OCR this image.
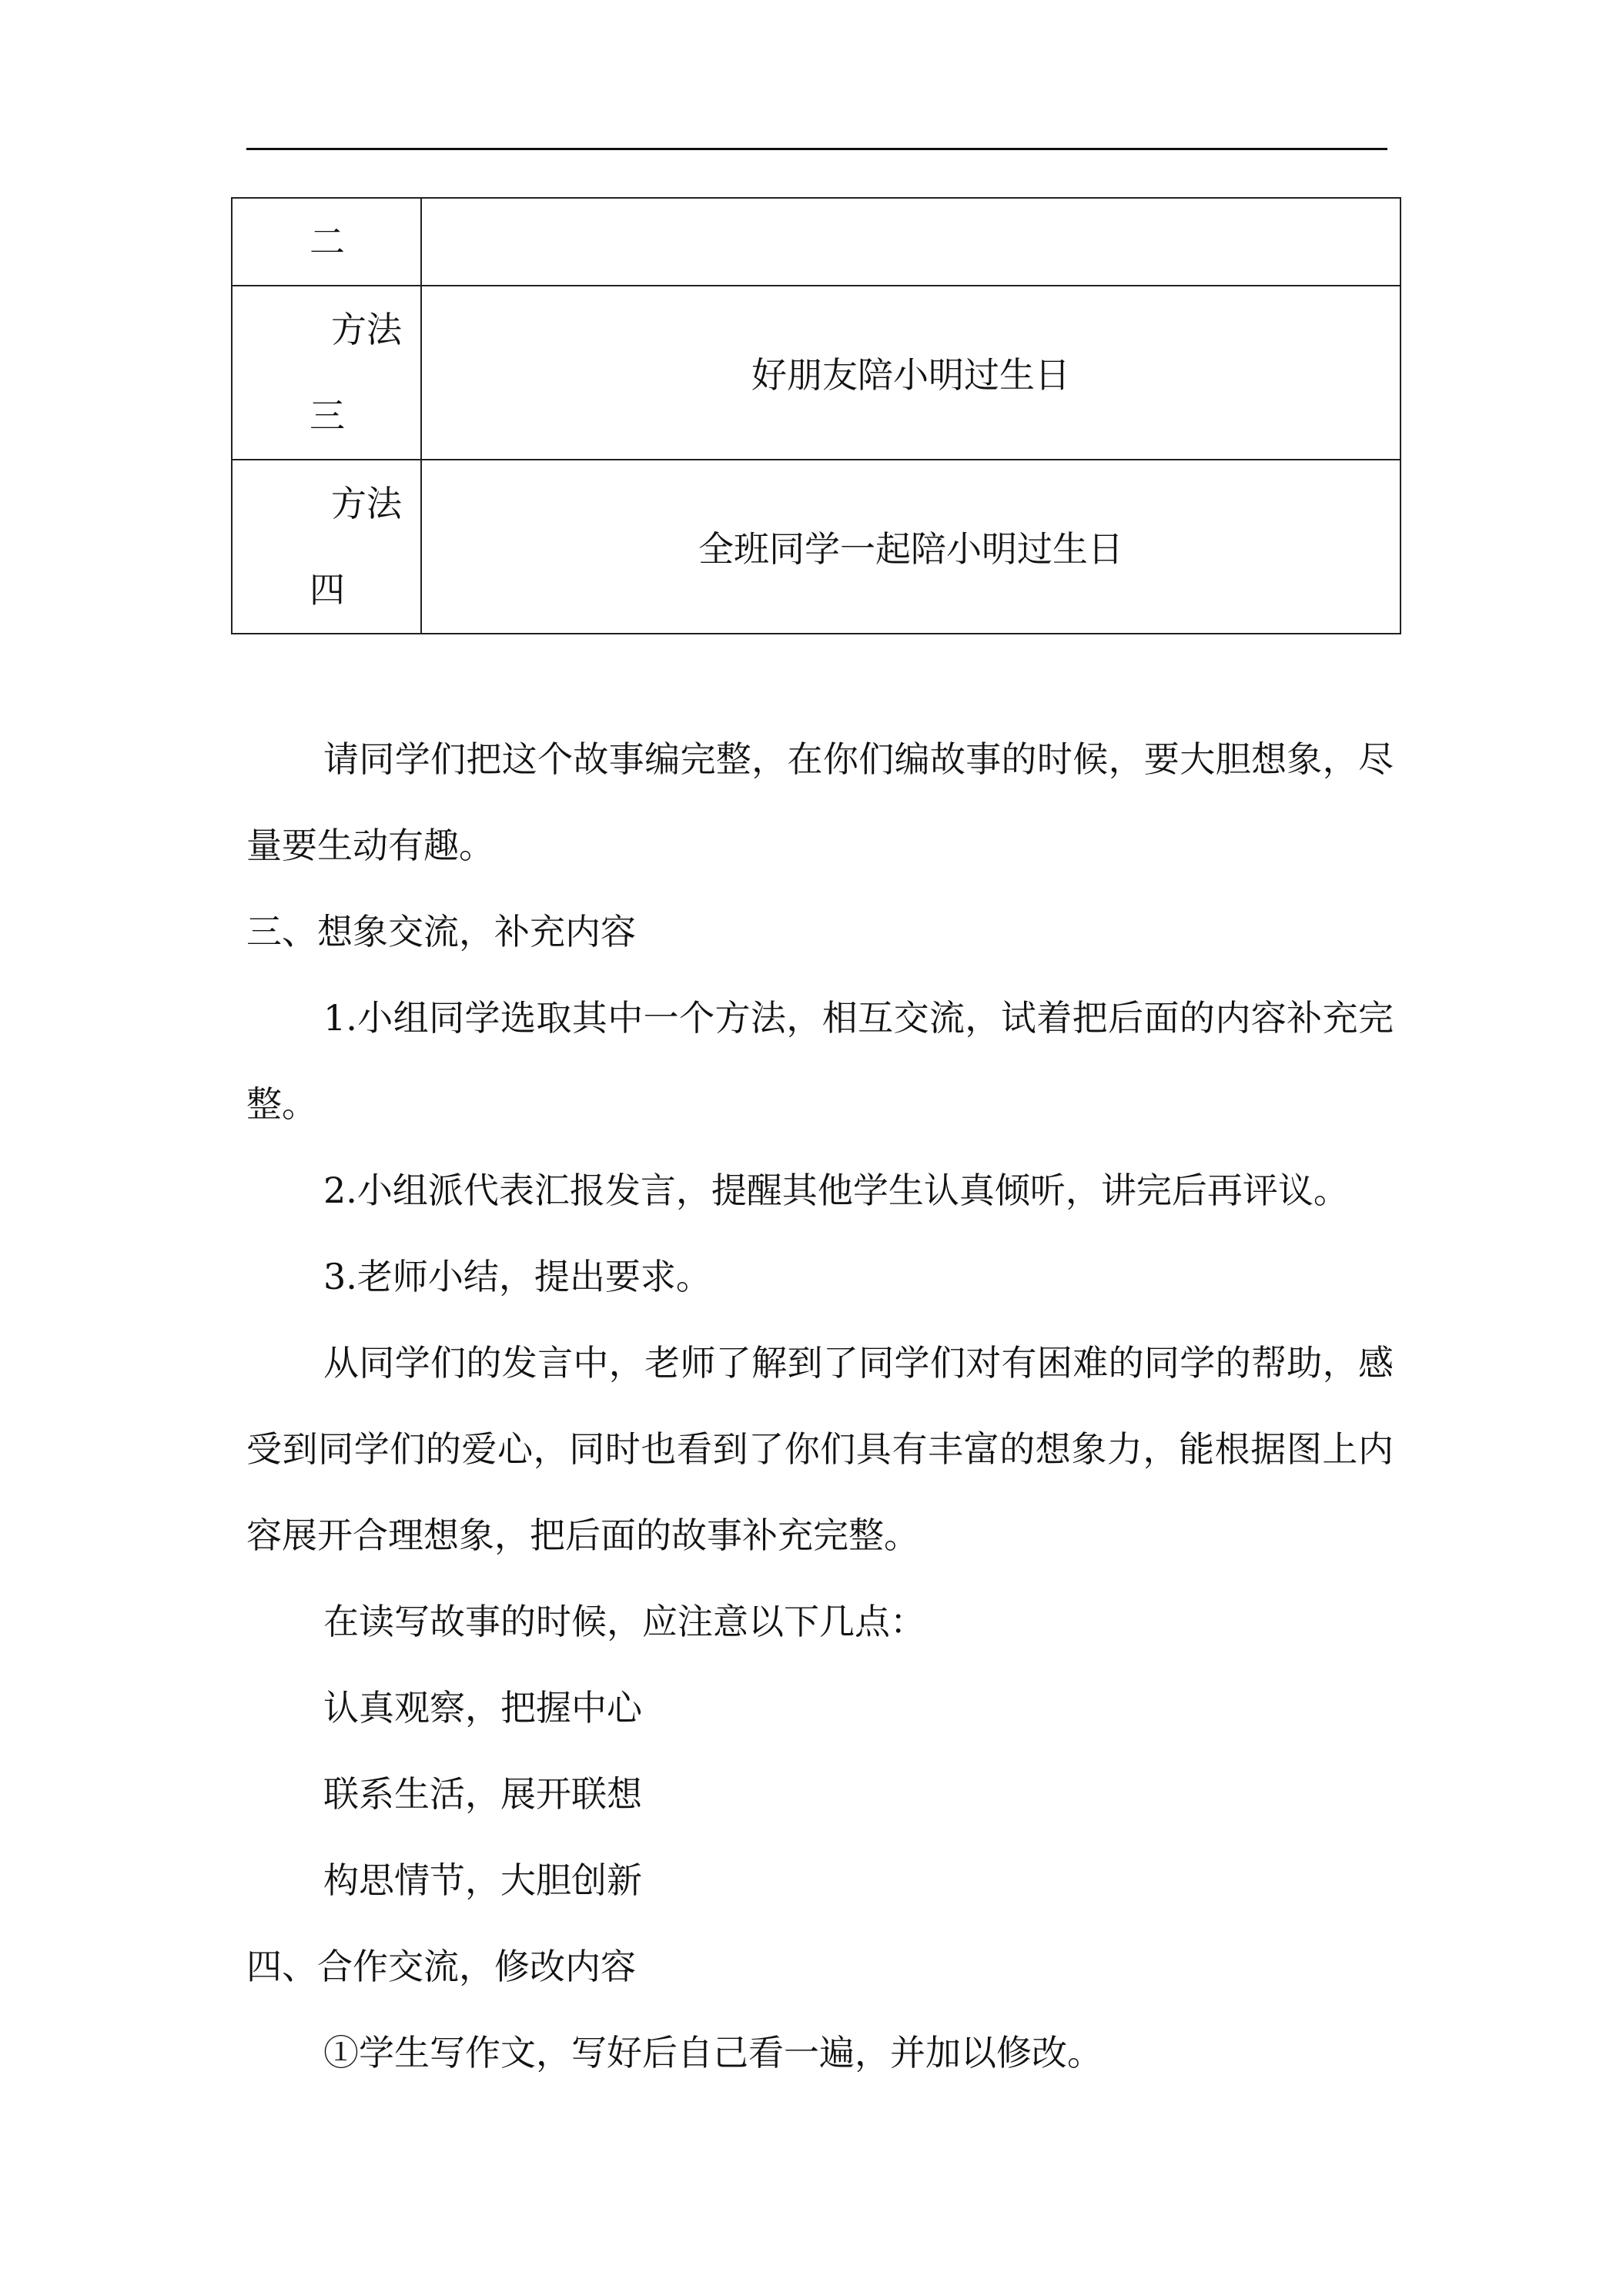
二	

方法
三	好朋友陪小明过生日

方法
四	全班同学一起陪小明过生日

请同学们把这个故事编完整，在你们编故事的时候，要大胆想象，尽量要生动有趣。

三、想象交流，补充内容

1.小组同学选取其中一个方法，相互交流，试着把后面的内容补充完整。

2.小组派代表汇报发言，提醒其他学生认真倾听，讲完后再评议。

3.老师小结，提出要求。

从同学们的发言中，老师了解到了同学们对有困难的同学的帮助，感受到同学们的爱心，同时也看到了你们具有丰富的想象力，能根据图上内容展开合理想象，把后面的故事补充完整。

在读写故事的时候，应注意以下几点：

认真观察，把握中心

联系生活，展开联想

构思情节，大胆创新

四、合作交流，修改内容

①学生写作文，写好后自己看一遍，并加以修改。
